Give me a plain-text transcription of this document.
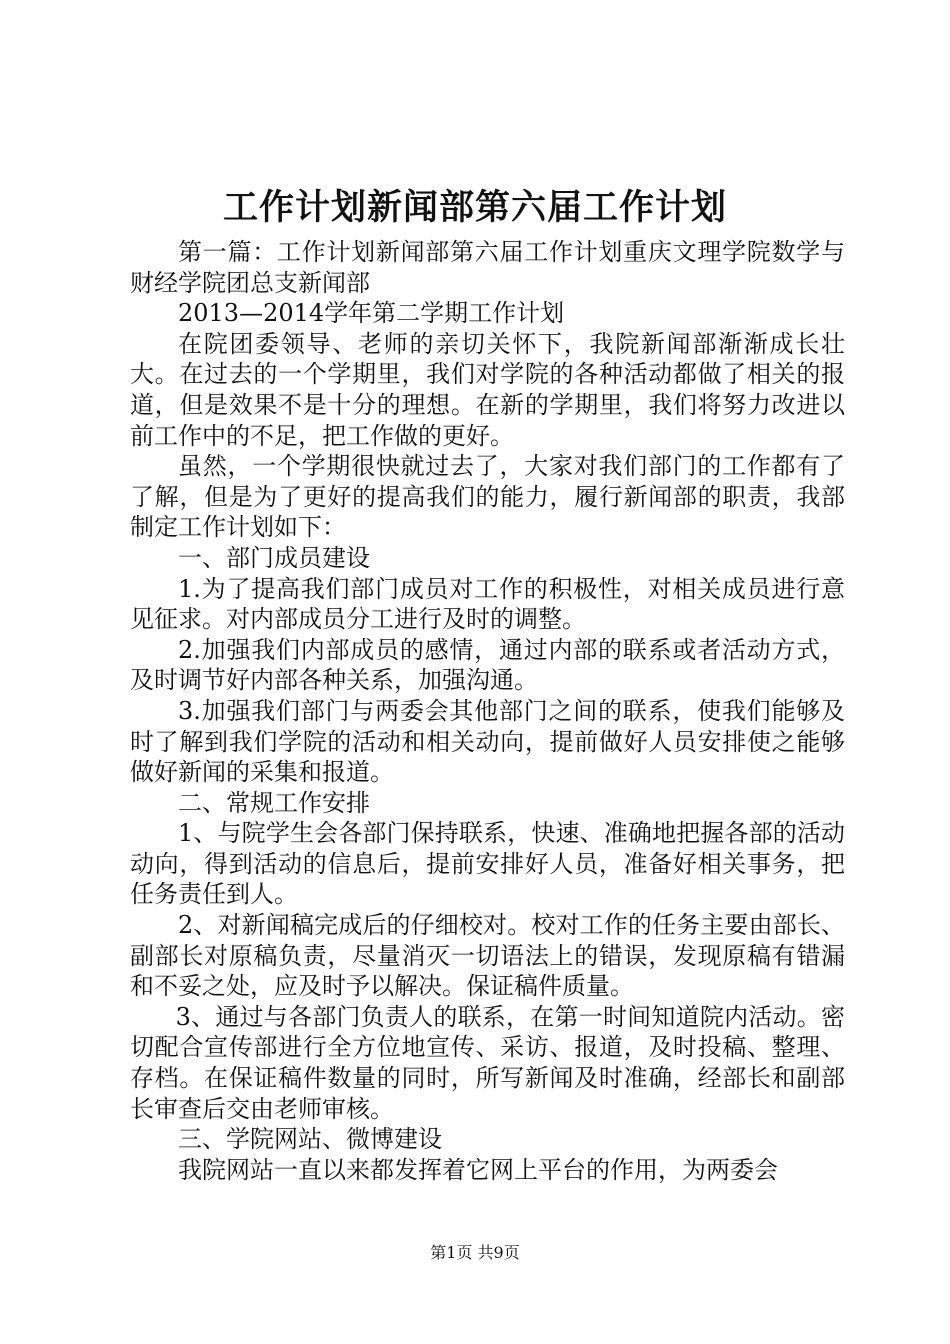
工作计划新闻部第六届工作计划

第一篇：工作计划新闻部第六届工作计划重庆文理学院数学与财经学院团总支新闻部

2013—2014学年第二学期工作计划

在院团委领导、老师的亲切关怀下，我院新闻部渐渐成长壮大。在过去的一个学期里，我们对学院的各种活动都做了相关的报道，但是效果不是十分的理想。在新的学期里，我们将努力改进以前工作中的不足，把工作做的更好。

虽然，一个学期很快就过去了，大家对我们部门的工作都有了了解，但是为了更好的提高我们的能力，履行新闻部的职责，我部制定工作计划如下：

一、部门成员建设

1.为了提高我们部门成员对工作的积极性，对相关成员进行意见征求。对内部成员分工进行及时的调整。

2.加强我们内部成员的感情，通过内部的联系或者活动方式，及时调节好内部各种关系，加强沟通。

3.加强我们部门与两委会其他部门之间的联系，使我们能够及时了解到我们学院的活动和相关动向，提前做好人员安排使之能够做好新闻的采集和报道。

二、常规工作安排

1、与院学生会各部门保持联系，快速、准确地把握各部的活动动向，得到活动的信息后，提前安排好人员，准备好相关事务，把任务责任到人。

2、对新闻稿完成后的仔细校对。校对工作的任务主要由部长、副部长对原稿负责，尽量消灭一切语法上的错误，发现原稿有错漏和不妥之处，应及时予以解决。保证稿件质量。

3、通过与各部门负责人的联系，在第一时间知道院内活动。密切配合宣传部进行全方位地宣传、采访、报道，及时投稿、整理、存档。在保证稿件数量的同时，所写新闻及时准确，经部长和副部长审查后交由老师审核。

三、学院网站、微博建设

我院网站一直以来都发挥着它网上平台的作用，为两委会

第1页 共9页
